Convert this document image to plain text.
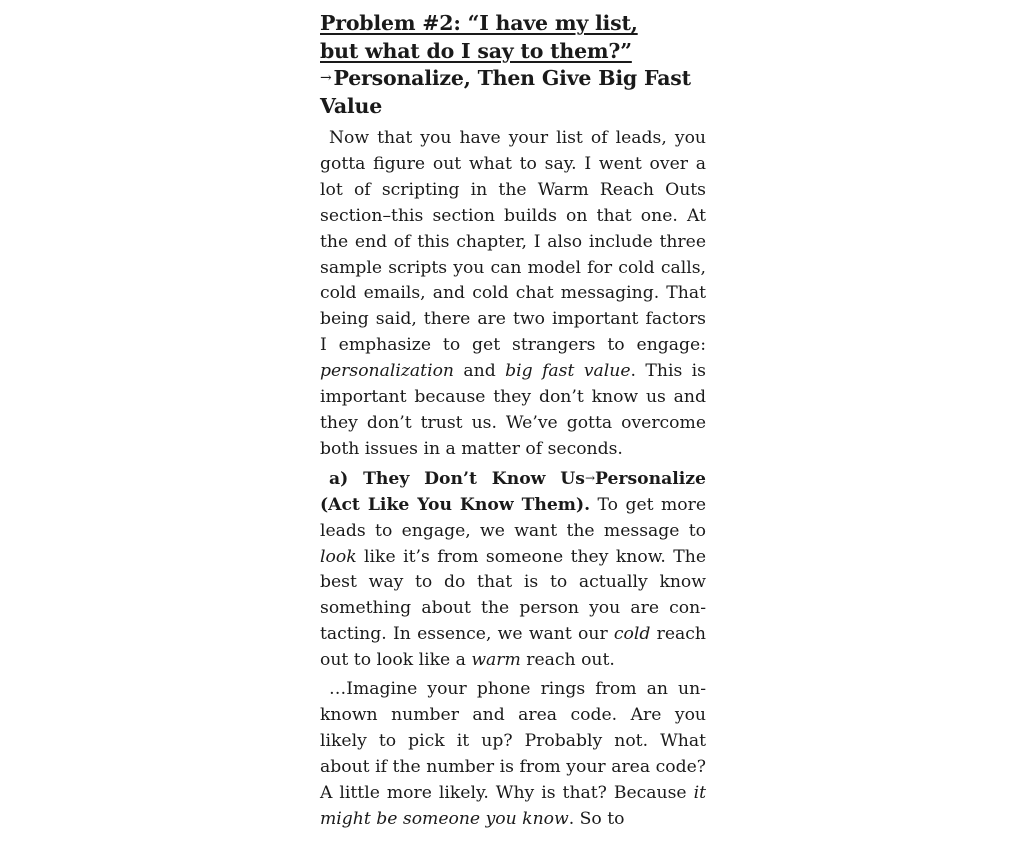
Problem #2: “I have my list,
but what do I say to them?”
→Personalize, Then Give Big Fast Value

Now that you have your list of leads, you gotta figure out what to say. I went over a lot of scripting in the Warm Reach Outs section–this section builds on that one. At the end of this chapter, I also include three sample scripts you can model for cold calls, cold emails, and cold chat messaging. That being said, there are two important factors I emphasize to get strangers to engage: personalization and big fast value. This is important because they don’t know us and they don’t trust us. We’ve gotta overcome both issues in a matter of seconds.

a) They Don’t Know Us→Personalize (Act Like You Know Them). To get more leads to engage, we want the message to look like it’s from someone they know. The best way to do that is to actually know something about the person you are contacting. In essence, we want our cold reach out to look like a warm reach out.

…Imagine your phone rings from an unknown number and area code. Are you likely to pick it up? Probably not. What about if the number is from your area code? A little more likely. Why is that? Because it might be someone you know. So to
